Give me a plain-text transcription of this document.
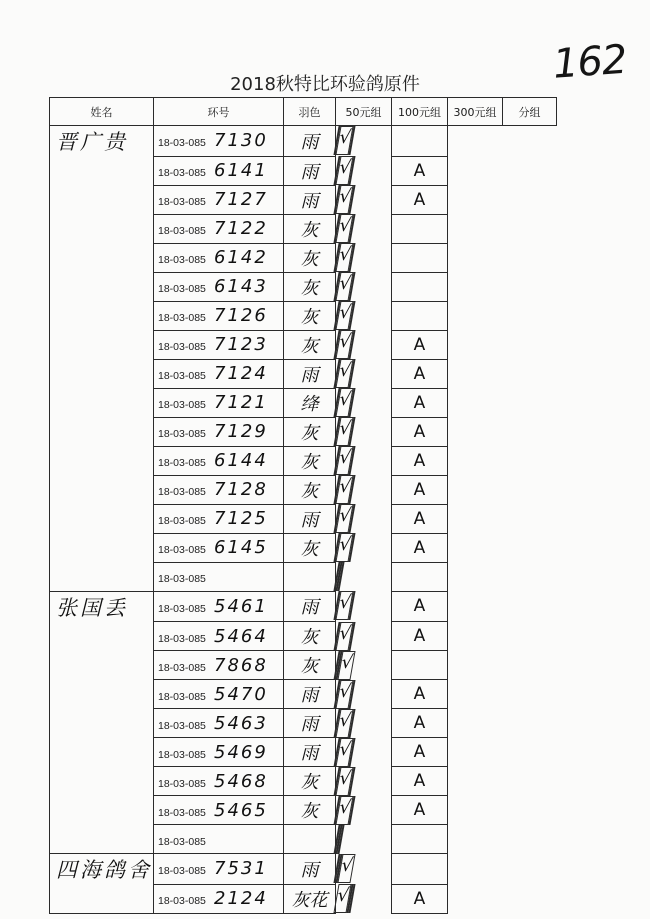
162
2018秋特比环验鸽原件
姓名	环号	羽色	50元组	100元组	300元组	分组
晋广贵	18-03-085 7130	雨	√
	18-03-085 6141	雨	√	A		
	18-03-085 7127	雨	√	A		
	18-03-085 7122	灰	√
	18-03-085 6142	灰	√
	18-03-085 6143	灰	√
	18-03-085 7126	灰	√
	18-03-085 7123	灰	√	A		
	18-03-085 7124	雨	√	A		
	18-03-085 7121	绛	√	A		
	18-03-085 7129	灰	√	A		
	18-03-085 6144	灰	√	A		
	18-03-085 7128	灰	√	A		
	18-03-085 7125	雨	√	A		
	18-03-085 6145	灰	√	A		
	18-03-085		
张国丢	18-03-085 5461	雨	√	A		
	18-03-085 5464	灰	√	A		
	18-03-085 7868	灰	√
	18-03-085 5470	雨	√	A		
	18-03-085 5463	雨	√	A		
	18-03-085 5469	雨	√	A		
	18-03-085 5468	灰	√	A		
	18-03-085 5465	灰	√	A		
	18-03-085		
四海鸽舍	18-03-085 7531	雨	√
	18-03-085 2124	灰花	√	A		
